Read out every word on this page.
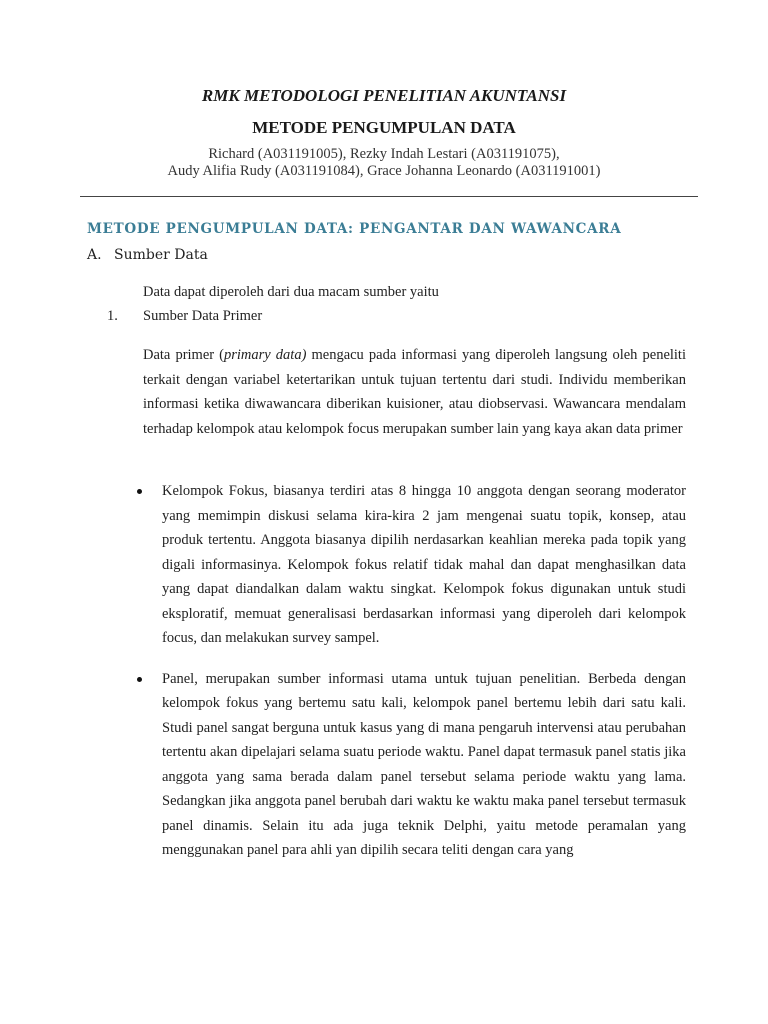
RMK METODOLOGI PENELITIAN AKUNTANSI

METODE PENGUMPULAN DATA

Richard (A031191005), Rezky Indah Lestari (A031191075),
Audy Alifia Rudy (A031191084), Grace Johanna Leonardo (A031191001)
METODE PENGUMPULAN DATA: PENGANTAR DAN WAWANCARA
A. Sumber Data
Data dapat diperoleh dari dua macam sumber yaitu
1. Sumber Data Primer
Data primer (primary data) mengacu pada informasi yang diperoleh langsung oleh peneliti terkait dengan variabel ketertarikan untuk tujuan tertentu dari studi. Individu memberikan informasi ketika diwawancara diberikan kuisioner, atau diobservasi. Wawancara mendalam terhadap kelompok atau kelompok focus merupakan sumber lain yang kaya akan data primer
Kelompok Fokus, biasanya terdiri atas 8 hingga 10 anggota dengan seorang moderator yang memimpin diskusi selama kira-kira 2 jam mengenai suatu topik, konsep, atau produk tertentu. Anggota biasanya dipilih nerdasarkan keahlian mereka pada topik yang digali informasinya. Kelompok fokus relatif tidak mahal dan dapat menghasilkan data yang dapat diandalkan dalam waktu singkat. Kelompok fokus digunakan untuk studi eksploratif, memuat generalisasi berdasarkan informasi yang diperoleh dari kelompok focus, dan melakukan survey sampel.
Panel, merupakan sumber informasi utama untuk tujuan penelitian. Berbeda dengan kelompok fokus yang bertemu satu kali, kelompok panel bertemu lebih dari satu kali. Studi panel sangat berguna untuk kasus yang di mana pengaruh intervensi atau perubahan tertentu akan dipelajari selama suatu periode waktu. Panel dapat termasuk panel statis jika anggota yang sama berada dalam panel tersebut selama periode waktu yang lama. Sedangkan jika anggota panel berubah dari waktu ke waktu maka panel tersebut termasuk panel dinamis. Selain itu ada juga teknik Delphi, yaitu metode peramalan yang menggunakan panel para ahli yan dipilih secara teliti dengan cara yang
